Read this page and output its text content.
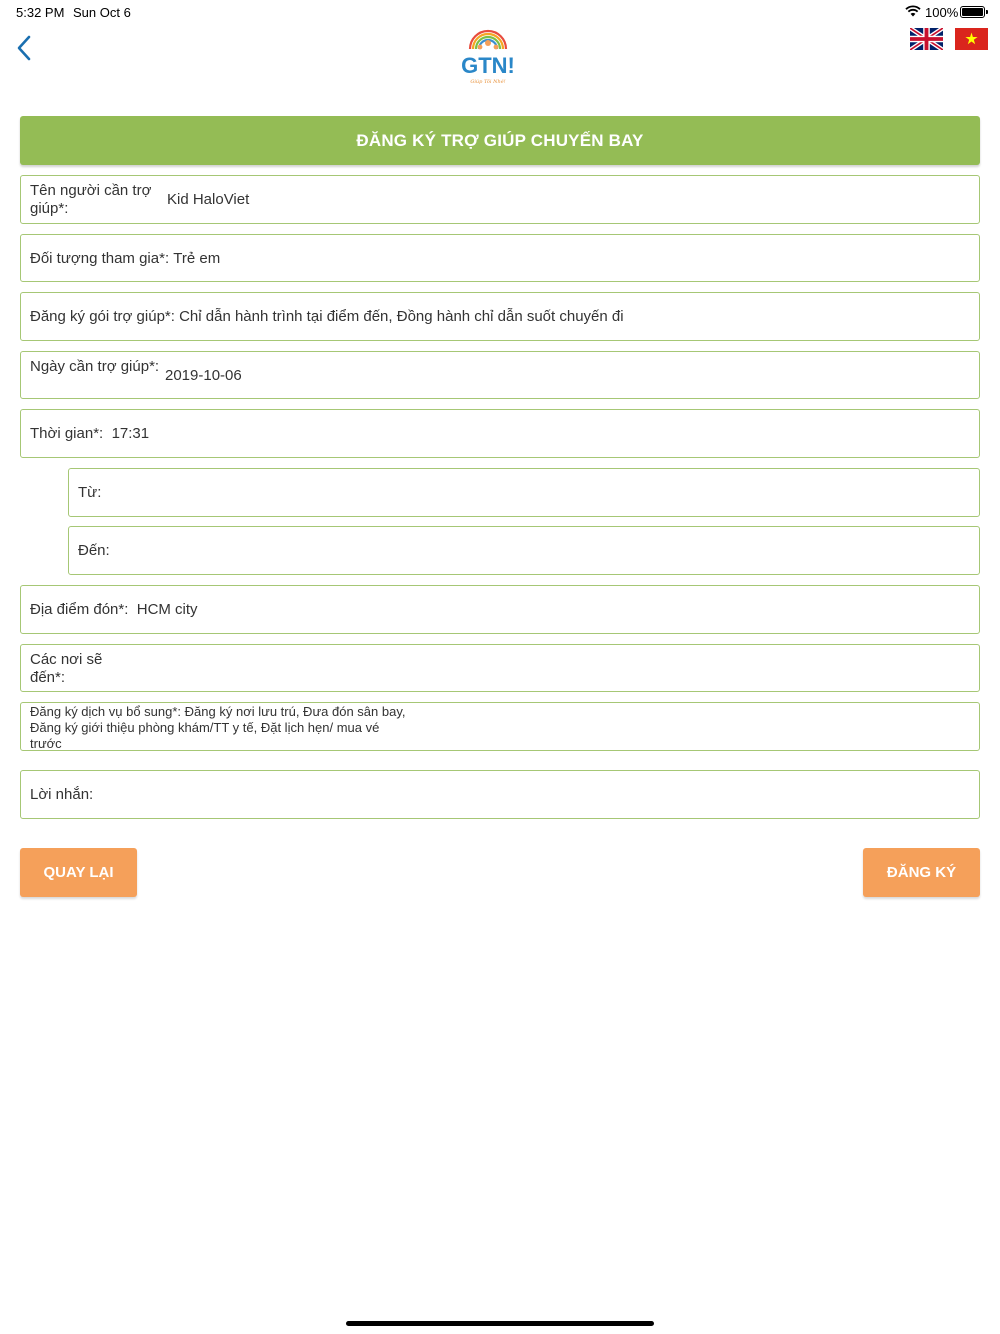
5:32 PM Sun Oct 6	100%
GTN!
Giúp Tôi Nhé!
ĐĂNG KÝ TRỢ GIÚP CHUYẾN BAY
Tên người cần trợ giúp*:
Kid HaloViet
Đối tượng tham gia*:
Trẻ em
Đăng ký gói trợ giúp*:
Chỉ dẫn hành trình tại điểm đến, Đồng hành chỉ dẫn suốt chuyến đi
Ngày cần trợ giúp*: 2019-10-06
Thời gian*:
17:31
Từ:
Đến:
Địa điểm đón*:
HCM city
Các nơi sẽ đến*:
Đăng ký dịch vụ bổ sung*: Đăng ký nơi lưu trú, Đưa đón sân bay, Đăng ký giới thiệu phòng khám/TT y tế, Đặt lịch hẹn/ mua vé trước
Lời nhắn:
QUAY LẠI	ĐĂNG KÝ
